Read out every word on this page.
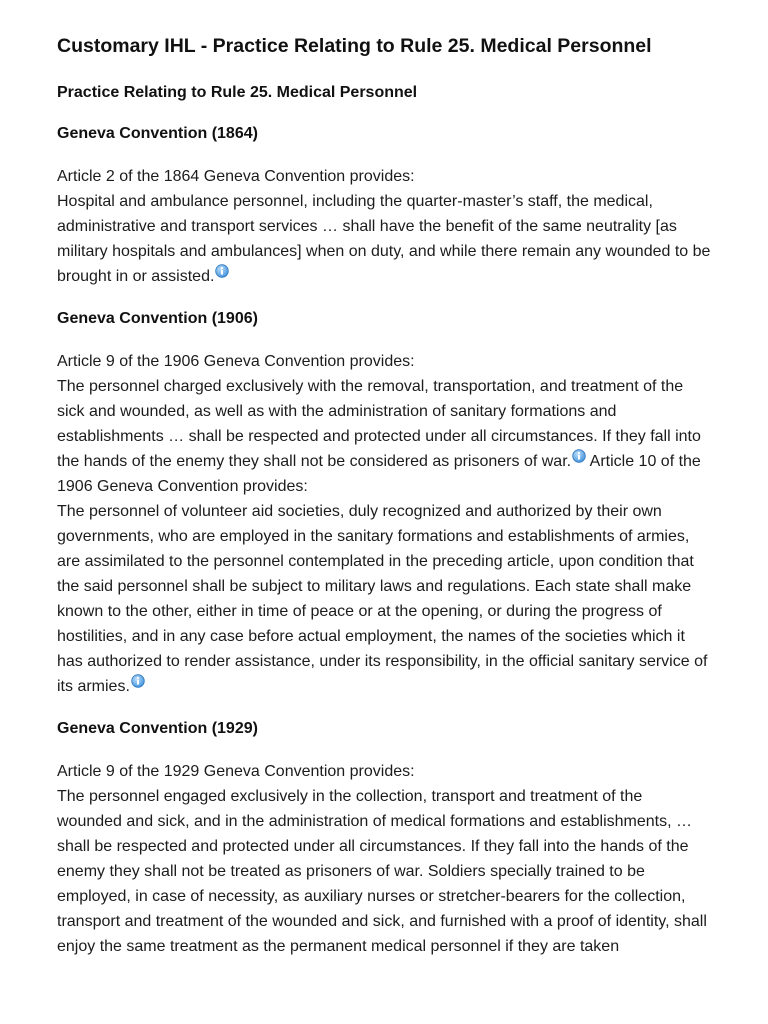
Customary IHL - Practice Relating to Rule 25. Medical Personnel
Practice Relating to Rule 25. Medical Personnel
Geneva Convention (1864)

Article 2 of the 1864 Geneva Convention provides:
Hospital and ambulance personnel, including the quarter-master’s staff, the medical, administrative and transport services … shall have the benefit of the same neutrality [as military hospitals and ambulances] when on duty, and while there remain any wounded to be brought in or assisted.

Geneva Convention (1906)

Article 9 of the 1906 Geneva Convention provides:
The personnel charged exclusively with the removal, transportation, and treatment of the sick and wounded, as well as with the administration of sanitary formations and establishments … shall be respected and protected under all circumstances. If they fall into the hands of the enemy they shall not be considered as prisoners of war.
Article 10 of the 1906 Geneva Convention provides:
The personnel of volunteer aid societies, duly recognized and authorized by their own governments, who are employed in the sanitary formations and establishments of armies, are assimilated to the personnel contemplated in the preceding article, upon condition that the said personnel shall be subject to military laws and regulations. Each state shall make known to the other, either in time of peace or at the opening, or during the progress of hostilities, and in any case before actual employment, the names of the societies which it has authorized to render assistance, under its responsibility, in the official sanitary service of its armies.

Geneva Convention (1929)

Article 9 of the 1929 Geneva Convention provides:
The personnel engaged exclusively in the collection, transport and treatment of the wounded and sick, and in the administration of medical formations and establishments, … shall be respected and protected under all circumstances. If they fall into the hands of the enemy they shall not be treated as prisoners of war. Soldiers specially trained to be employed, in case of necessity, as auxiliary nurses or stretcher-bearers for the collection, transport and treatment of the wounded and sick, and furnished with a proof of identity, shall enjoy the same treatment as the permanent medical personnel if they are taken
